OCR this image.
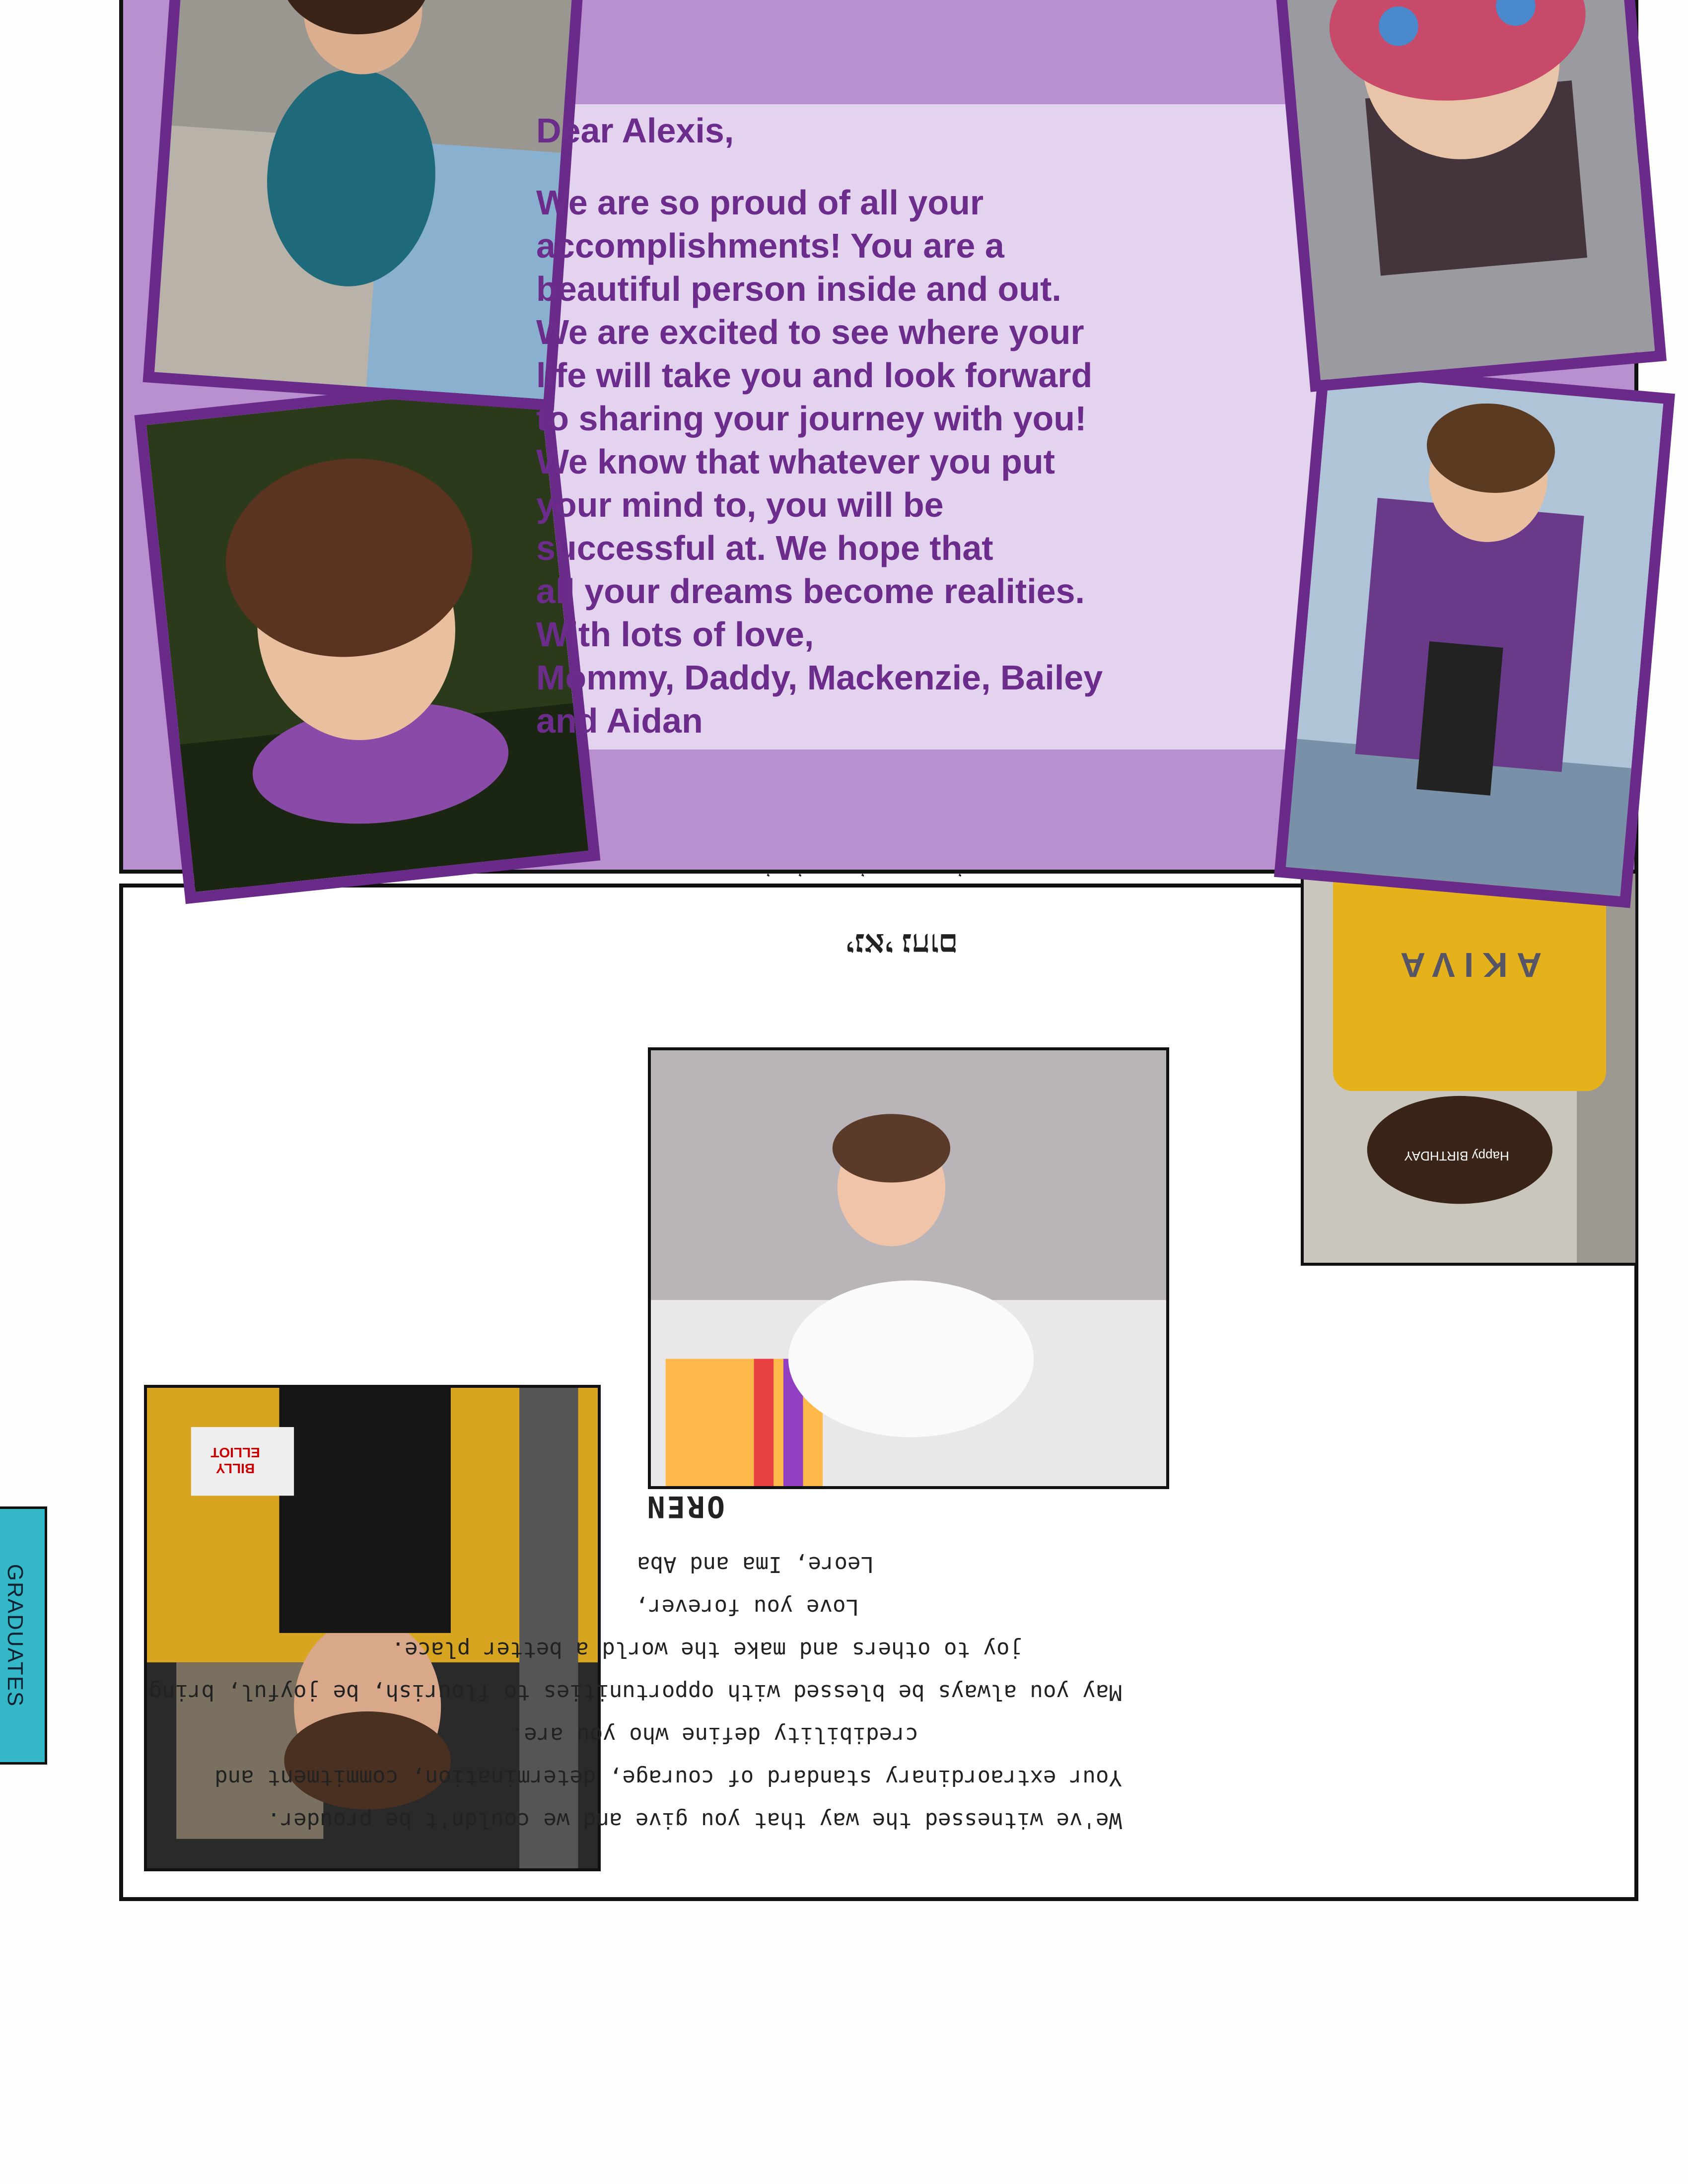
GRADUATES
BILLY ELLIOT
We've witnessed the way that you give and we couldn't be prouder.
Your extraordinary standard of courage, determination, commitment and
credibility define who you are.
May you always be blessed with opportunities to flourish, be joyful, bring
joy to others and make the world a better place.
Love you forever,
Leore, Ima and Aba
OREN
Happy BIRTHDAY
AKIVA
ינאי נחום
Dear Alexis,
We are so proud of all your
accomplishments! You are a
beautiful person inside and out.
We are excited to see where your
life will take you and look forward
to sharing your journey with you!
We know that whatever you put
your mind to, you will be
successful at. We hope that
all your dreams become realities.
With lots of love,
Mommy, Daddy, Mackenzie, Bailey
and Aidan
